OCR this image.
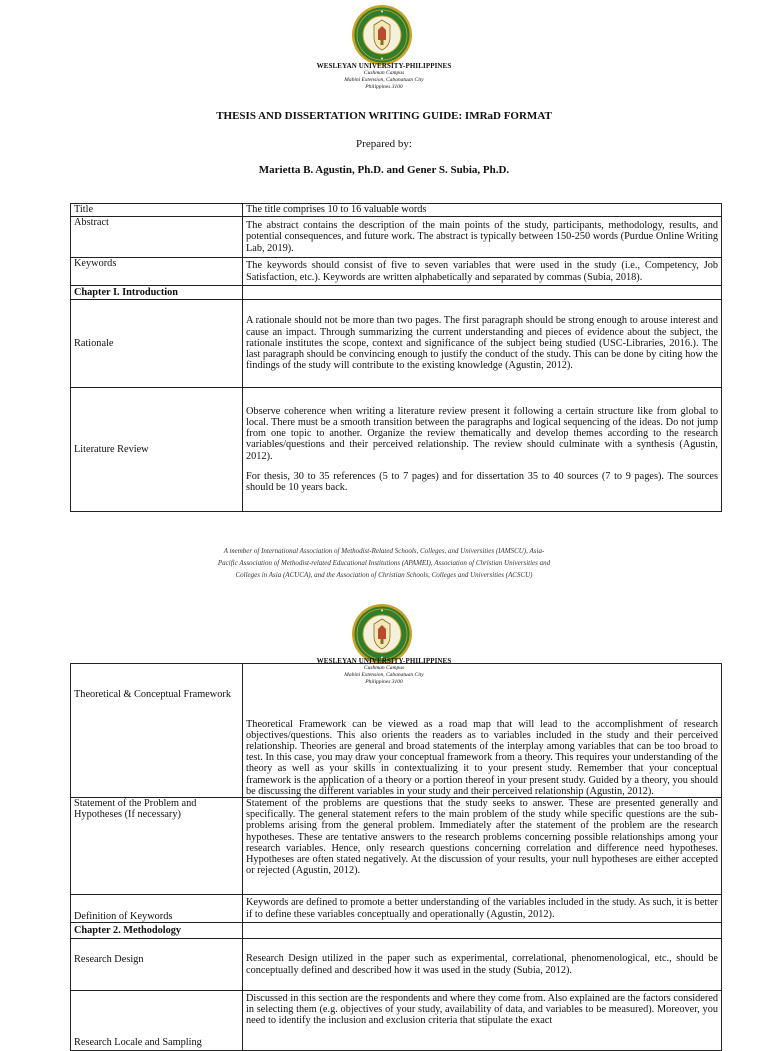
WESLEYAN UNIVERSITY-PHILIPPINES
Cushman Campus
Mabini Extension, Cabanatuan City
Philippines 3100
THESIS AND DISSERTATION WRITING GUIDE: IMRaD FORMAT
Prepared by:
Marietta B. Agustin, Ph.D. and Gener S. Subia, Ph.D.
Title	The title comprises 10 to 16 valuable words
Abstract	The abstract contains the description of the main points of the study, participants, methodology, results, and potential consequences, and future work. The abstract is typically between 150-250 words (Purdue Online Writing Lab, 2019).
Keywords	The keywords should consist of five to seven variables that were used in the study (i.e., Competency, Job Satisfaction, etc.). Keywords are written alphabetically and separated by commas (Subia, 2018).
Chapter I. Introduction	
Rationale	A rationale should not be more than two pages. The first paragraph should be strong enough to arouse interest and cause an impact. Through summarizing the current understanding and pieces of evidence about the subject, the rationale institutes the scope, context and significance of the subject being studied (USC-Libraries, 2016.). The last paragraph should be convincing enough to justify the conduct of the study. This can be done by citing how the findings of the study will contribute to the existing knowledge (Agustin, 2012).
Literature Review	Observe coherence when writing a literature review present it following a certain structure like from global to local. There must be a smooth transition between the paragraphs and logical sequencing of the ideas. Do not jump from one topic to another. Organize the review thematically and develop themes according to the research variables/questions and their perceived relationship. The review should culminate with a synthesis (Agustin, 2012).
For thesis, 30 to 35 references (5 to 7 pages) and for dissertation 35 to 40 sources (7 to 9 pages). The sources should be 10 years back.
A member of International Association of Methodist-Related Schools, Colleges, and Universities (IAMSCU), Asia-
Pacific Association of Methodist-related Educational Institutions (APAMEI), Association of Christian Universities and
Colleges in Asia (ACUCA), and the Association of Christian Schools, Colleges and Universities (ACSCU)
WESLEYAN UNIVERSITY-PHILIPPINES
Cushman Campus
Mabini Extension, Cabanatuan City
Philippines 3100
Theoretical & Conceptual Framework	Theoretical Framework can be viewed as a road map that will lead to the accomplishment of research objectives/questions. This also orients the readers as to variables included in the study and their perceived relationship. Theories are general and broad statements of the interplay among variables that can be too broad to test. In this case, you may draw your conceptual framework from a theory. This requires your understanding of the theory as well as your skills in contextualizing it to your present study. Remember that your conceptual framework is the application of a theory or a portion thereof in your present study. Guided by a theory, you should be discussing the different variables in your study and their perceived relationship (Agustin, 2012).
Statement of the Problem and Hypotheses (If necessary)	Statement of the problems are questions that the study seeks to answer. These are presented generally and specifically. The general statement refers to the main problem of the study while specific questions are the sub-problems arising from the general problem. Immediately after the statement of the problem are the research hypotheses. These are tentative answers to the research problems concerning possible relationships among your research variables. Hence, only research questions concerning correlation and difference need hypotheses. Hypotheses are often stated negatively. At the discussion of your results, your null hypotheses are either accepted or rejected (Agustin, 2012).
Definition of Keywords	Keywords are defined to promote a better understanding of the variables included in the study. As such, it is better if to define these variables conceptually and operationally (Agustin, 2012).
Chapter 2. Methodology	
Research Design	Research Design utilized in the paper such as experimental, correlational, phenomenological, etc., should be conceptually defined and described how it was used in the study (Subia, 2012).
Research Locale and Sampling	Discussed in this section are the respondents and where they come from. Also explained are the factors considered in selecting them (e.g. objectives of your study, availability of data, and variables to be measured). Moreover, you need to identify the inclusion and exclusion criteria that stipulate the exact
